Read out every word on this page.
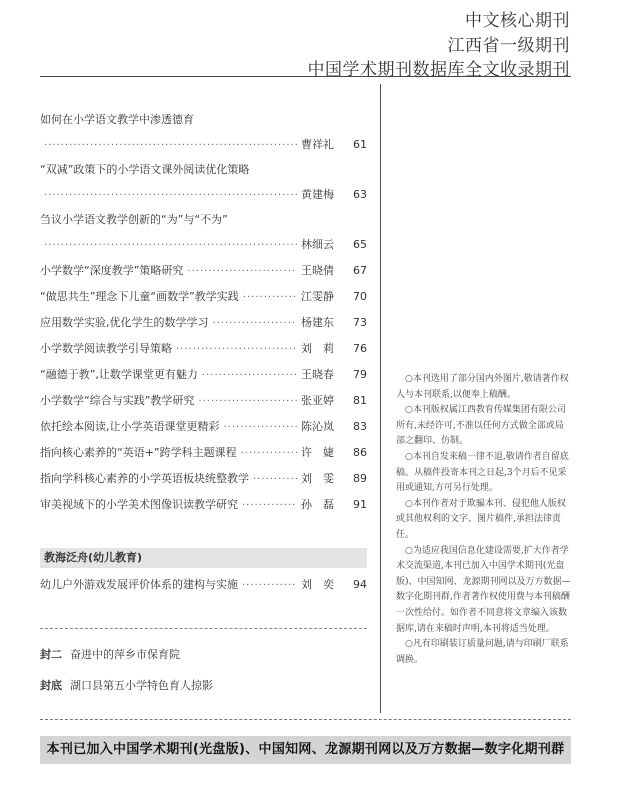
中文核心期刊
江西省一级期刊
中国学术期刊数据库全文收录期刊
如何在小学语文教学中渗透德育
·····
曹祥礼	61
“双减”政策下的小学语文课外阅读优化策略
·····
黄建梅	63
刍议小学语文教学创新的“为”与“不为”
·····
林细云	65
小学数学“深度教学”策略研究 ·····	王晓倩	67
“做思共生”理念下儿童“画数学”教学实践 ·····	江雯静	70
应用数学实验,优化学生的数学学习 ·····	杨建东	73
小学数学阅读教学引导策略 ·····	刘　莉	76
“融德于教”,让数学课堂更有魅力 ·····	王晓春	79
小学数学“综合与实践”教学研究 ·····	张亚婷	81
依托绘本阅读,让小学英语课堂更精彩 ·····	陈沁岚	83
指向核心素养的“英语+”跨学科主题课程 ·····	许　婕	86
指向学科核心素养的小学英语板块统整教学 ·····	刘　雯	89
审美视域下的小学美术图像识读教学研究 ·····	孙　磊	91
教海泛舟(幼儿教育)
幼儿户外游戏发展评价体系的建构与实施 ·····	刘　奕	94
封二 奋进中的萍乡市保育院
封底 湖口县第五小学特色育人掠影

○本刊选用了部分国内外图片,敬请著作权人与本刊联系,以便奉上稿酬。

○本刊版权属江西教育传媒集团有限公司所有,未经许可,不准以任何方式做全部或局部之翻印、仿制。

○本刊自发来稿一律不退,敬请作者自留底稿。从稿件投寄本刊之日起,3个月后不见采用或通知,方可另行处理。

○本刊作者对于欺骗本刊、侵犯他人版权或其他权利的文字、图片稿件,承担法律责任。

○为适应我国信息化建设需要,扩大作者学术交流渠道,本刊已加入中国学术期刊(光盘版)、中国知网、龙源期刊网以及万方数据—数字化期刊群,作者著作权使用费与本刊稿酬一次性给付。如作者不同意将文章编入该数据库,请在来稿时声明,本刊将适当处理。

○凡有印刷装订质量问题,请与印刷厂联系调换。

本刊已加入中国学术期刊(光盘版)、中国知网、龙源期刊网以及万方数据—数字化期刊群
